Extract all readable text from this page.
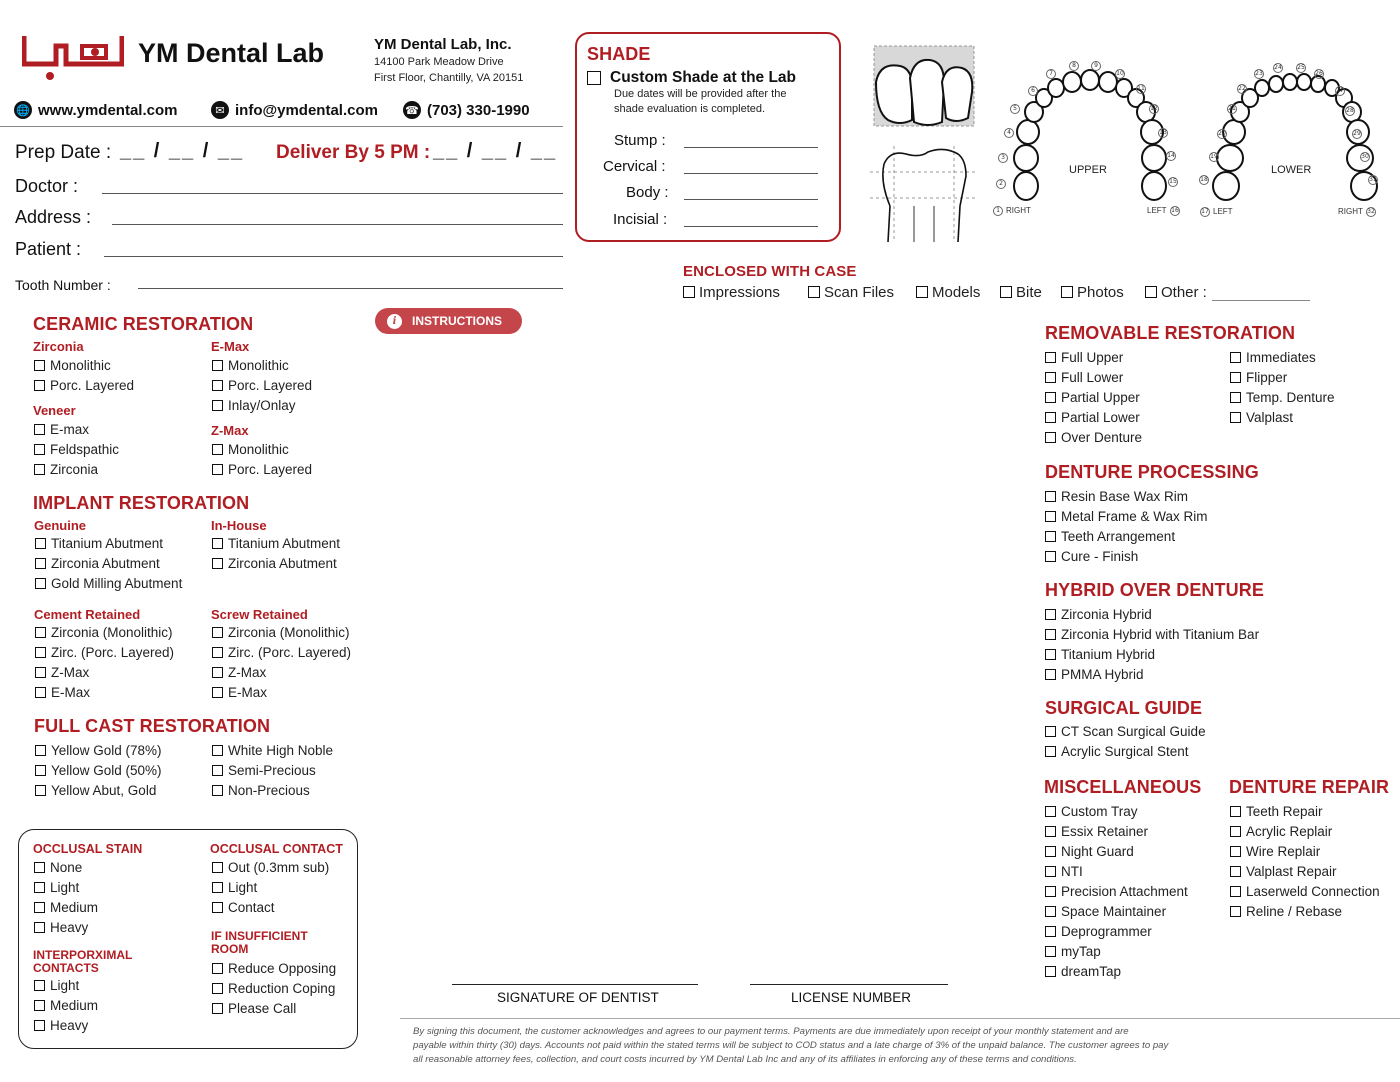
YM Dental Lab	YM Dental Lab, Inc.
14100 Park Meadow Drive
First Floor, Chantilly, VA 20151
🌐 www.ymdental.com	✉ info@ymdental.com ☎ (703) 330-1990
Prep Date : __ / __ / __ Deliver By 5 PM : __ / __ / __
Doctor :
Address :
Patient :
Tooth Number :
i	INSTRUCTIONS
CERAMIC RESTORATION
Zirconia
Monolithic
Porc. Layered
Veneer
E-max
Feldspathic
Zirconia
E-Max
Monolithic
Porc. Layered
Inlay/Onlay
Z-Max
Monolithic
Porc. Layered
IMPLANT RESTORATION
Genuine
Titanium Abutment
Zirconia Abutment
Gold Milling Abutment
In-House
Titanium Abutment
Zirconia Abutment
Cement Retained
Zirconia (Monolithic)
Zirc. (Porc. Layered)
Z-Max
E-Max
Screw Retained
Zirconia (Monolithic)
Zirc. (Porc. Layered)
Z-Max
E-Max
FULL CAST RESTORATION
Yellow Gold (78%)
Yellow Gold (50%)
Yellow Abut, Gold
White High Noble
Semi-Precious
Non-Precious
OCCLUSAL STAIN
None
Light
Medium
Heavy
INTERPORXIMAL
CONTACTS
Light
Medium
Heavy
OCCLUSAL CONTACT
Out (0.3mm sub)
Light
Contact
IF INSUFFICIENT
ROOM
Reduce Opposing
Reduction Coping
Please Call
SHADE
Custom Shade at the Lab
Due dates will be provided after the
shade evaluation is completed.
Stump :
Cervical :
Body :
Incisial :
UPPER
RIGHT	LEFT
LOWER
LEFT	RIGHT
1
2
3
4
5
6
7
8	9
10
11
12
13
14
15
16	17
18
19
20
21
22
23
24	25
26
27
28
29
30
31
32
ENCLOSED WITH CASE
Impressions	Scan Files	Models Bite Photos Other :
REMOVABLE RESTORATION
Full Upper
Full Lower
Partial Upper
Partial Lower
Over Denture
Immediates
Flipper
Temp. Denture
Valplast
DENTURE PROCESSING
Resin Base Wax Rim
Metal Frame & Wax Rim
Teeth Arrangement
Cure - Finish
HYBRID OVER DENTURE
Zirconia Hybrid
Zirconia Hybrid with Titanium Bar
Titanium Hybrid
PMMA Hybrid
SURGICAL GUIDE
CT Scan Surgical Guide
Acrylic Surgical Stent
MISCELLANEOUS
Custom Tray
Essix Retainer
Night Guard
NTI
Precision Attachment
Space Maintainer
Deprogrammer
myTap
dreamTap
DENTURE REPAIR
Teeth Repair
Acrylic Replair
Wire Replair
Valplast Repair
Laserweld Connection
Reline / Rebase
SIGNATURE OF DENTIST	LICENSE NUMBER
By signing this document, the customer acknowledges and agrees to our payment terms. Payments are due immediately upon receipt of your monthly statement and are
payable within thirty (30) days. Accounts not paid within the stated terms will be subject to COD status and a late charge of 3% of the unpaid balance. The customer agrees to pay
all reasonable attorney fees, collection, and court costs incurred by YM Dental Lab Inc and any of its affiliates in enforcing any of these terms and conditions.
